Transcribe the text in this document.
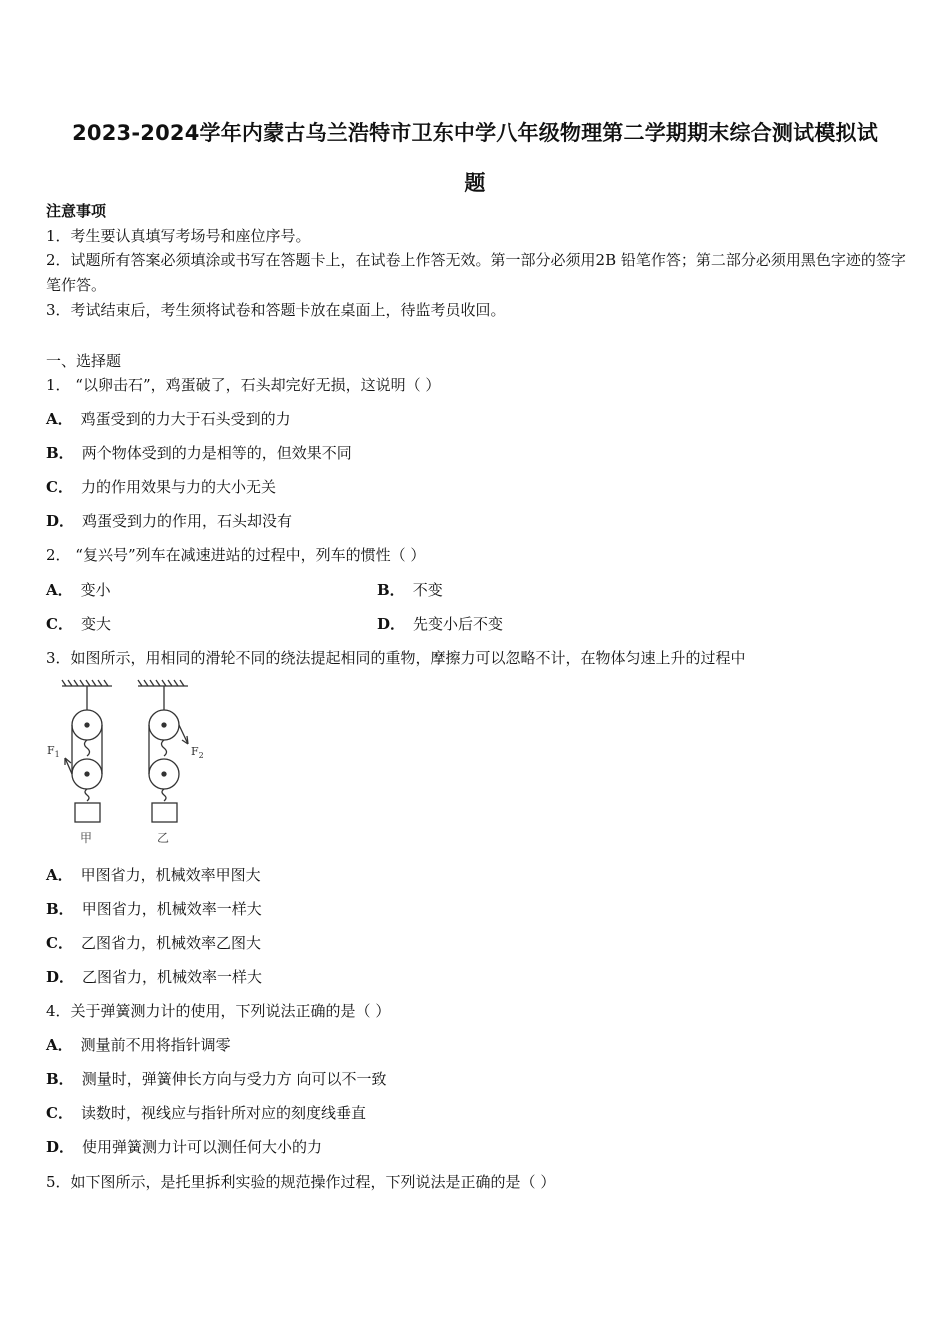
2023-2024学年内蒙古乌兰浩特市卫东中学八年级物理第二学期期末综合测试模拟试
题
注意事项
1．考生要认真填写考场号和座位序号。
2．试题所有答案必须填涂或书写在答题卡上，在试卷上作答无效。第一部分必须用2B 铅笔作答；第二部分必须用黑色字迹的签字笔作答。
3．考试结束后，考生须将试卷和答题卡放在桌面上，待监考员收回。
一、选择题
1． “以卵击石”，鸡蛋破了，石头却完好无损，这说明（ ）
A． 鸡蛋受到的力大于石头受到的力
B． 两个物体受到的力是相等的，但效果不同
C． 力的作用效果与力的大小无关
D． 鸡蛋受到力的作用，石头却没有
2． “复兴号”列车在减速进站的过程中，列车的惯性（ ）
A． 变小	B． 不变
C． 变大	D． 先变小后不变
3．如图所示，用相同的滑轮不同的绕法提起相同的重物，摩擦力可以忽略不计，在物体匀速上升的过程中
$F_1$	$F_2$
甲	乙
A． 甲图省力，机械效率甲图大
B． 甲图省力，机械效率一样大
C． 乙图省力，机械效率乙图大
D． 乙图省力，机械效率一样大
4．关于弹簧测力计的使用，下列说法正确的是（ ）
A． 测量前不用将指针调零
B． 测量时，弹簧伸长方向与受力方 向可以不一致
C． 读数时，视线应与指针所对应的刻度线垂直
D． 使用弹簧测力计可以测任何大小的力
5．如下图所示，是托里拆利实验的规范操作过程，下列说法是正确的是（ ）
